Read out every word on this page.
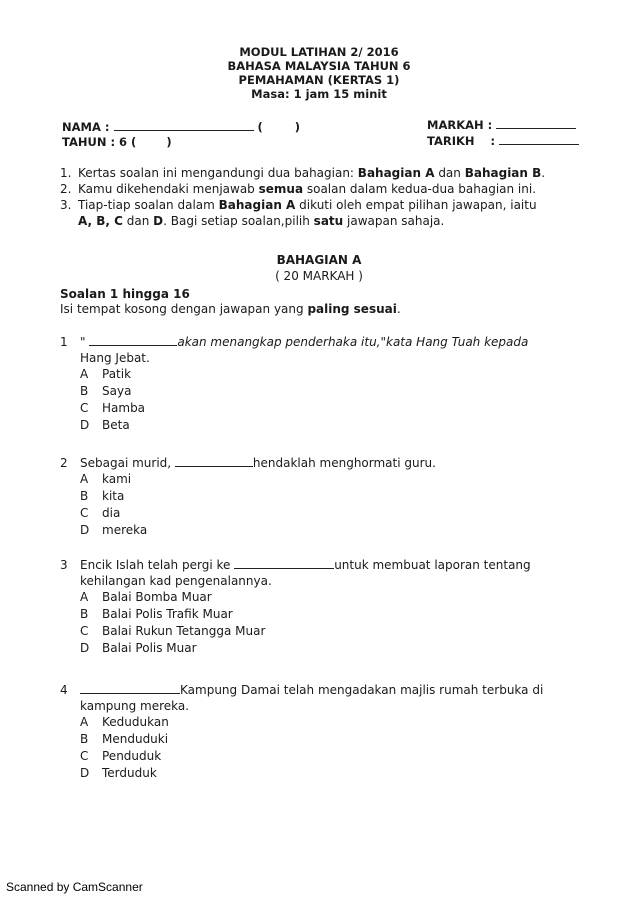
MODUL LATIHAN 2/ 2016
BAHASA MALAYSIA TAHUN 6
PEMAHAMAN (KERTAS 1)
Masa: 1 jam 15 minit
NAMA :	(        )
TAHUN : 6 (	)
MARKAH :
TARIKH    :
1. Kertas soalan ini mengandungi dua bahagian: Bahagian A dan Bahagian B.
2. Kamu dikehendaki menjawab semua soalan dalam kedua-dua bahagian ini.
3. Tiap-tiap soalan dalam Bahagian A dikuti oleh empat pilihan jawapan, iaitu
A, B, C dan D. Bagi setiap soalan,pilih satu jawapan sahaja.
BAHAGIAN A
( 20 MARKAH )
Soalan 1 hingga 16
Isi tempat kosong dengan jawapan yang paling sesuai.
1	"	akan menangkap penderhaka itu,"kata Hang Tuah kepada
Hang Jebat.
A	Patik
B	Saya
C	Hamba
D	Beta
2	Sebagai murid,	hendaklah menghormati guru.
A	kami
B	kita
C	dia
D	mereka
3	Encik Islah telah pergi ke	untuk membuat laporan tentang
kehilangan kad pengenalannya.
A	Balai Bomba Muar
B	Balai Polis Trafik Muar
C	Balai Rukun Tetangga Muar
D	Balai Polis Muar
4	Kampung Damai telah mengadakan majlis rumah terbuka di
kampung mereka.
A	Kedudukan
B	Menduduki
C	Penduduk
D	Terduduk
Scanned by CamScanner
